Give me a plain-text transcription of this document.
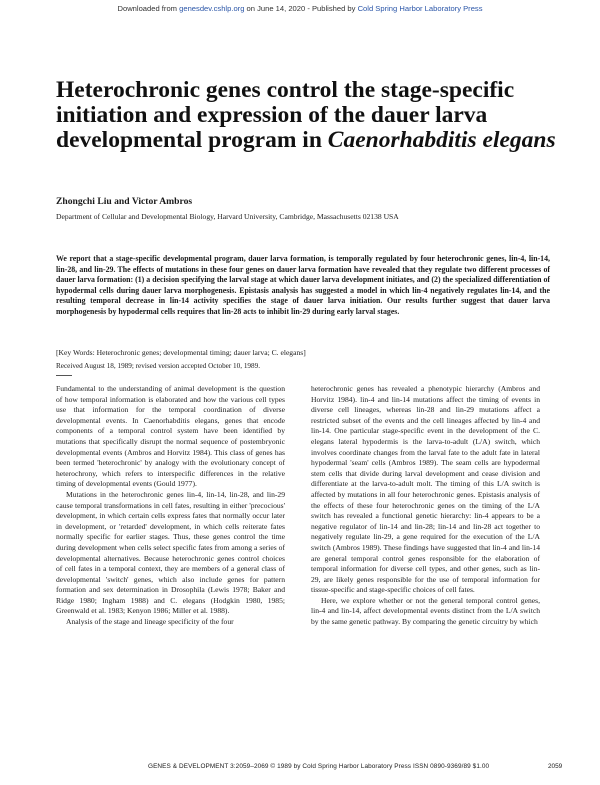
Downloaded from genesdev.cshlp.org on June 14, 2020 - Published by Cold Spring Harbor Laboratory Press
Heterochronic genes control the stage-specific initiation and expression of the dauer larva developmental program in Caenorhabditis elegans

Zhongchi Liu and Victor Ambros

Department of Cellular and Developmental Biology, Harvard University, Cambridge, Massachusetts 02138 USA

We report that a stage-specific developmental program, dauer larva formation, is temporally regulated by four heterochronic genes, lin-4, lin-14, lin-28, and lin-29. The effects of mutations in these four genes on dauer larva formation have revealed that they regulate two different processes of dauer larva formation: (1) a decision specifying the larval stage at which dauer larva development initiates, and (2) the specialized differentiation of hypodermal cells during dauer larva morphogenesis. Epistasis analysis has suggested a model in which lin-4 negatively regulates lin-14, and the resulting temporal decrease in lin-14 activity specifies the stage of dauer larva initiation. Our results further suggest that dauer larva morphogenesis by hypodermal cells requires that lin-28 acts to inhibit lin-29 during early larval stages.

[Key Words: Heterochronic genes; developmental timing; dauer larva; C. elegans]

Received August 18, 1989; revised version accepted October 10, 1989.

Fundamental to the understanding of animal development is the question of how temporal information is elaborated and how the various cell types use that information for the temporal coordination of diverse developmental events. In Caenorhabditis elegans, genes that encode components of a temporal control system have been identified by mutations that specifically disrupt the normal sequence of postembryonic developmental events (Ambros and Horvitz 1984). This class of genes has been termed 'heterochronic' by analogy with the evolutionary concept of heterochrony, which refers to interspecific differences in the relative timing of developmental events (Gould 1977).

Mutations in the heterochronic genes lin-4, lin-14, lin-28, and lin-29 cause temporal transformations in cell fates, resulting in either 'precocious' development, in which certain cells express fates that normally occur later in development, or 'retarded' development, in which cells reiterate fates normally specific for earlier stages. Thus, these genes control the time during development when cells select specific fates from among a series of developmental alternatives. Because heterochronic genes control choices of cell fates in a temporal context, they are members of a general class of developmental 'switch' genes, which also include genes for pattern formation and sex determination in Drosophila (Lewis 1978; Baker and Ridge 1980; Ingham 1988) and C. elegans (Hodgkin 1980, 1985; Greenwald et al. 1983; Kenyon 1986; Miller et al. 1988).

Analysis of the stage and lineage specificity of the four

heterochronic genes has revealed a phenotypic hierarchy (Ambros and Horvitz 1984). lin-4 and lin-14 mutations affect the timing of events in diverse cell lineages, whereas lin-28 and lin-29 mutations affect a restricted subset of the events and the cell lineages affected by lin-4 and lin-14. One particular stage-specific event in the development of the C. elegans lateral hypodermis is the larva-to-adult (L/A) switch, which involves coordinate changes from the larval fate to the adult fate in lateral hypodermal 'seam' cells (Ambros 1989). The seam cells are hypodermal stem cells that divide during larval development and cease division and differentiate at the larva-to-adult molt. The timing of this L/A switch is affected by mutations in all four heterochronic genes. Epistasis analysis of the effects of these four heterochronic genes on the timing of the L/A switch has revealed a functional genetic hierarchy: lin-4 appears to be a negative regulator of lin-14 and lin-28; lin-14 and lin-28 act together to negatively regulate lin-29, a gene required for the execution of the L/A switch (Ambros 1989). These findings have suggested that lin-4 and lin-14 are general temporal control genes responsible for the elaboration of temporal information for diverse cell types, and other genes, such as lin-29, are likely genes responsible for the use of temporal information for tissue-specific and stage-specific choices of cell fates.

Here, we explore whether or not the general temporal control genes, lin-4 and lin-14, affect developmental events distinct from the L/A switch by the same genetic pathway. By comparing the genetic circuitry by which

GENES & DEVELOPMENT 3:2059–2069 © 1989 by Cold Spring Harbor Laboratory Press ISSN 0890-9369/89 $1.00	2059
